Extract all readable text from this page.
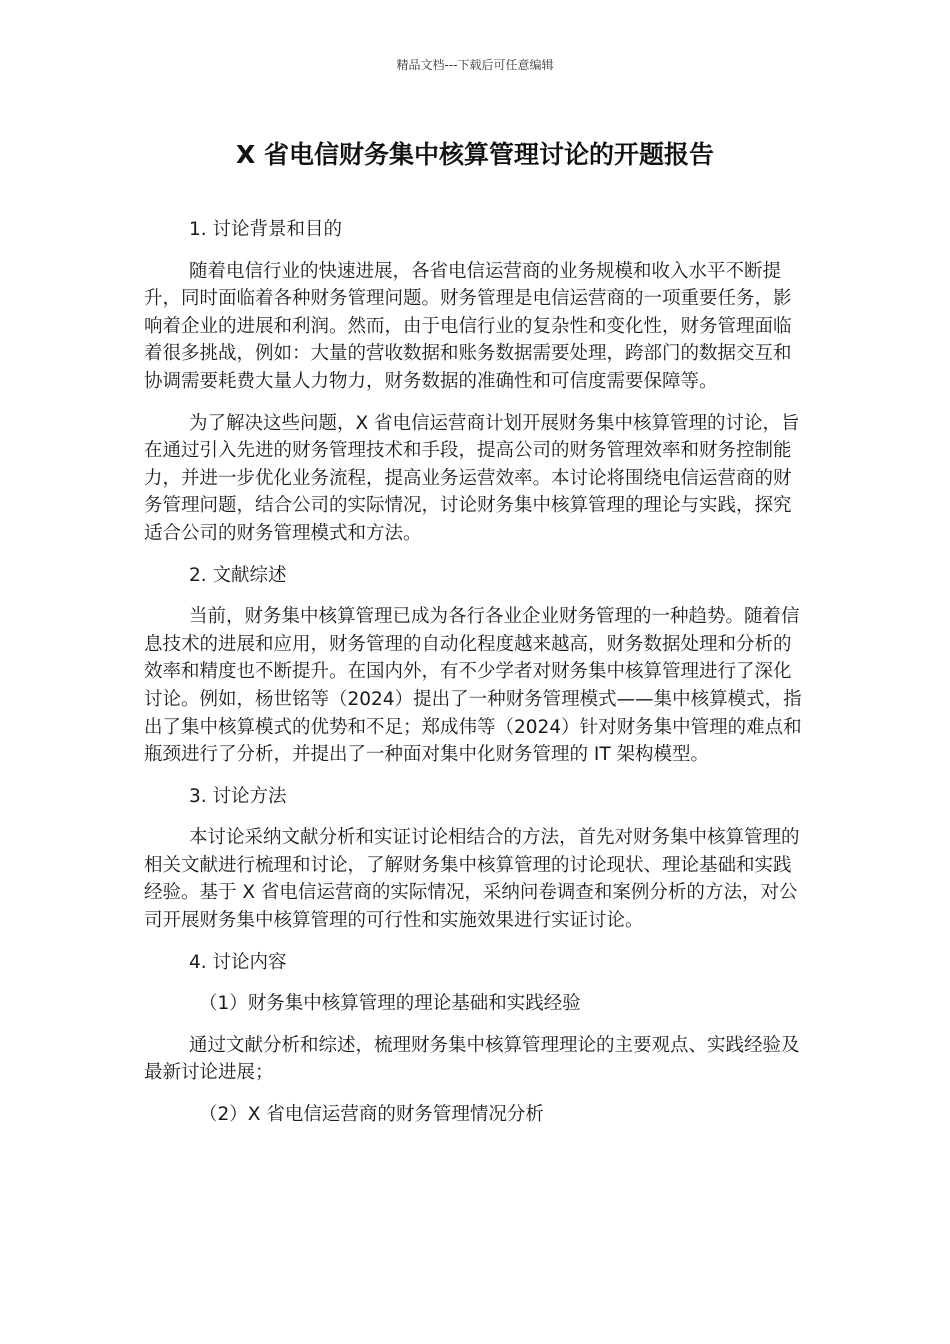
精品文档---下载后可任意编辑
X 省电信财务集中核算管理讨论的开题报告

1. 讨论背景和目的

随着电信行业的快速进展，各省电信运营商的业务规模和收入水平不断提升，同时面临着各种财务管理问题。财务管理是电信运营商的一项重要任务，影响着企业的进展和利润。然而，由于电信行业的复杂性和变化性，财务管理面临着很多挑战，例如：大量的营收数据和账务数据需要处理，跨部门的数据交互和协调需要耗费大量人力物力，财务数据的准确性和可信度需要保障等。

为了解决这些问题，X 省电信运营商计划开展财务集中核算管理的讨论，旨在通过引入先进的财务管理技术和手段，提高公司的财务管理效率和财务控制能力，并进一步优化业务流程，提高业务运营效率。本讨论将围绕电信运营商的财务管理问题，结合公司的实际情况，讨论财务集中核算管理的理论与实践，探究适合公司的财务管理模式和方法。

2. 文献综述

当前，财务集中核算管理已成为各行各业企业财务管理的一种趋势。随着信息技术的进展和应用，财务管理的自动化程度越来越高，财务数据处理和分析的效率和精度也不断提升。在国内外，有不少学者对财务集中核算管理进行了深化讨论。例如，杨世铭等（2024）提出了一种财务管理模式——集中核算模式，指出了集中核算模式的优势和不足；郑成伟等（2024）针对财务集中管理的难点和瓶颈进行了分析，并提出了一种面对集中化财务管理的 IT 架构模型。

3. 讨论方法

本讨论采纳文献分析和实证讨论相结合的方法，首先对财务集中核算管理的相关文献进行梳理和讨论，了解财务集中核算管理的讨论现状、理论基础和实践经验。基于 X 省电信运营商的实际情况，采纳问卷调查和案例分析的方法，对公司开展财务集中核算管理的可行性和实施效果进行实证讨论。

4. 讨论内容

（1）财务集中核算管理的理论基础和实践经验

通过文献分析和综述，梳理财务集中核算管理理论的主要观点、实践经验及最新讨论进展；

（2）X 省电信运营商的财务管理情况分析
